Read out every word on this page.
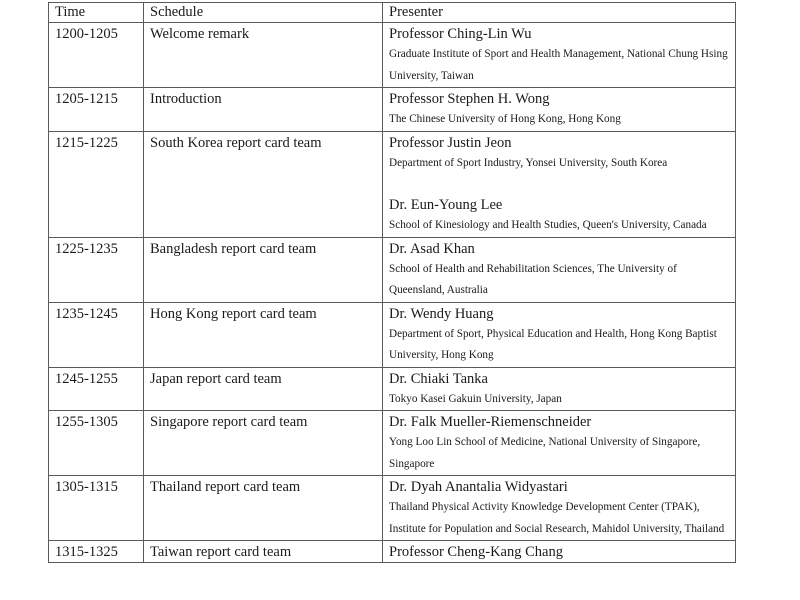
Time	Schedule	Presenter

1200-1205	Welcome remark	Professor Ching-Lin Wu
Graduate Institute of Sport and Health Management, National Chung Hsing University, Taiwan

1205-1215	Introduction	Professor Stephen H. Wong
The Chinese University of Hong Kong, Hong Kong

1215-1225	South Korea report card team	Professor Justin Jeon
Department of Sport Industry, Yonsei University, South Korea
Dr. Eun-Young Lee
School of Kinesiology and Health Studies, Queen's University, Canada

1225-1235	Bangladesh report card team	Dr. Asad Khan
School of Health and Rehabilitation Sciences, The University of Queensland, Australia

1235-1245	Hong Kong report card team	Dr. Wendy Huang
Department of Sport, Physical Education and Health, Hong Kong Baptist University, Hong Kong

1245-1255	Japan report card team	Dr. Chiaki Tanka
Tokyo Kasei Gakuin University, Japan

1255-1305	Singapore report card team	Dr. Falk Mueller-Riemenschneider
Yong Loo Lin School of Medicine, National University of Singapore, Singapore

1305-1315	Thailand report card team	Dr. Dyah Anantalia Widyastari
Thailand Physical Activity Knowledge Development Center (TPAK), Institute for Population and Social Research, Mahidol University, Thailand

1315-1325	Taiwan report card team	Professor Cheng-Kang Chang
